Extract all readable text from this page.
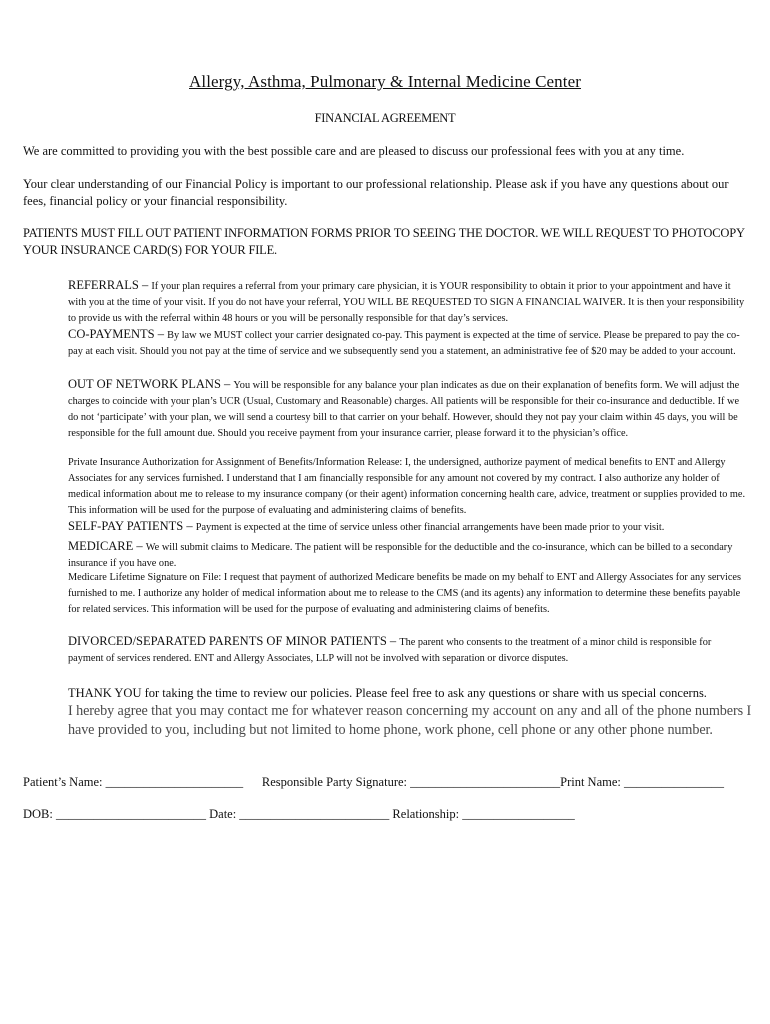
Allergy, Asthma, Pulmonary & Internal Medicine Center
FINANCIAL AGREEMENT
We are committed to providing you with the best possible care and are pleased to discuss our professional fees with you at any time.
Your clear understanding of our Financial Policy is important to our professional relationship. Please ask if you have any questions about our fees, financial policy or your financial responsibility.
PATIENTS MUST FILL OUT PATIENT INFORMATION FORMS PRIOR TO SEEING THE DOCTOR. WE WILL REQUEST TO PHOTOCOPY YOUR INSURANCE CARD(S) FOR YOUR FILE.
REFERRALS – If your plan requires a referral from your primary care physician, it is YOUR responsibility to obtain it prior to your appointment and have it with you at the time of your visit. If you do not have your referral, YOU WILL BE REQUESTED TO SIGN A FINANCIAL WAIVER. It is then your responsibility to provide us with the referral within 48 hours or you will be personally responsible for that day’s services.
CO-PAYMENTS – By law we MUST collect your carrier designated co-pay. This payment is expected at the time of service. Please be prepared to pay the co-pay at each visit. Should you not pay at the time of service and we subsequently send you a statement, an administrative fee of $20 may be added to your account.
OUT OF NETWORK PLANS – You will be responsible for any balance your plan indicates as due on their explanation of benefits form. We will adjust the charges to coincide with your plan’s UCR (Usual, Customary and Reasonable) charges. All patients will be responsible for their co-insurance and deductible. If we do not ‘participate’ with your plan, we will send a courtesy bill to that carrier on your behalf. However, should they not pay your claim within 45 days, you will be responsible for the full amount due. Should you receive payment from your insurance carrier, please forward it to the physician’s office.
Private Insurance Authorization for Assignment of Benefits/Information Release: I, the undersigned, authorize payment of medical benefits to ENT and Allergy Associates for any services furnished. I understand that I am financially responsible for any amount not covered by my contract. I also authorize any holder of medical information about me to release to my insurance company (or their agent) information concerning health care, advice, treatment or supplies provided to me. This information will be used for the purpose of evaluating and administering claims of benefits.
SELF-PAY PATIENTS – Payment is expected at the time of service unless other financial arrangements have been made prior to your visit.
MEDICARE – We will submit claims to Medicare. The patient will be responsible for the deductible and the co-insurance, which can be billed to a secondary insurance if you have one.
Medicare Lifetime Signature on File: I request that payment of authorized Medicare benefits be made on my behalf to ENT and Allergy Associates for any services furnished to me. I authorize any holder of medical information about me to release to the CMS (and its agents) any information to determine these benefits payable for related services. This information will be used for the purpose of evaluating and administering claims of benefits.
DIVORCED/SEPARATED PARENTS OF MINOR PATIENTS – The parent who consents to the treatment of a minor child is responsible for payment of services rendered. ENT and Allergy Associates, LLP will not be involved with separation or divorce disputes.
THANK YOU for taking the time to review our policies. Please feel free to ask any questions or share with us special concerns.
I hereby agree that you may contact me for whatever reason concerning my account on any and all of the phone numbers I have provided to you, including but not limited to home phone, work phone, cell phone or any other phone number.
Patient’s Name: ______________________      Responsible Party Signature: ________________________Print Name: ________________
DOB: ________________________ Date: ________________________ Relationship: __________________
